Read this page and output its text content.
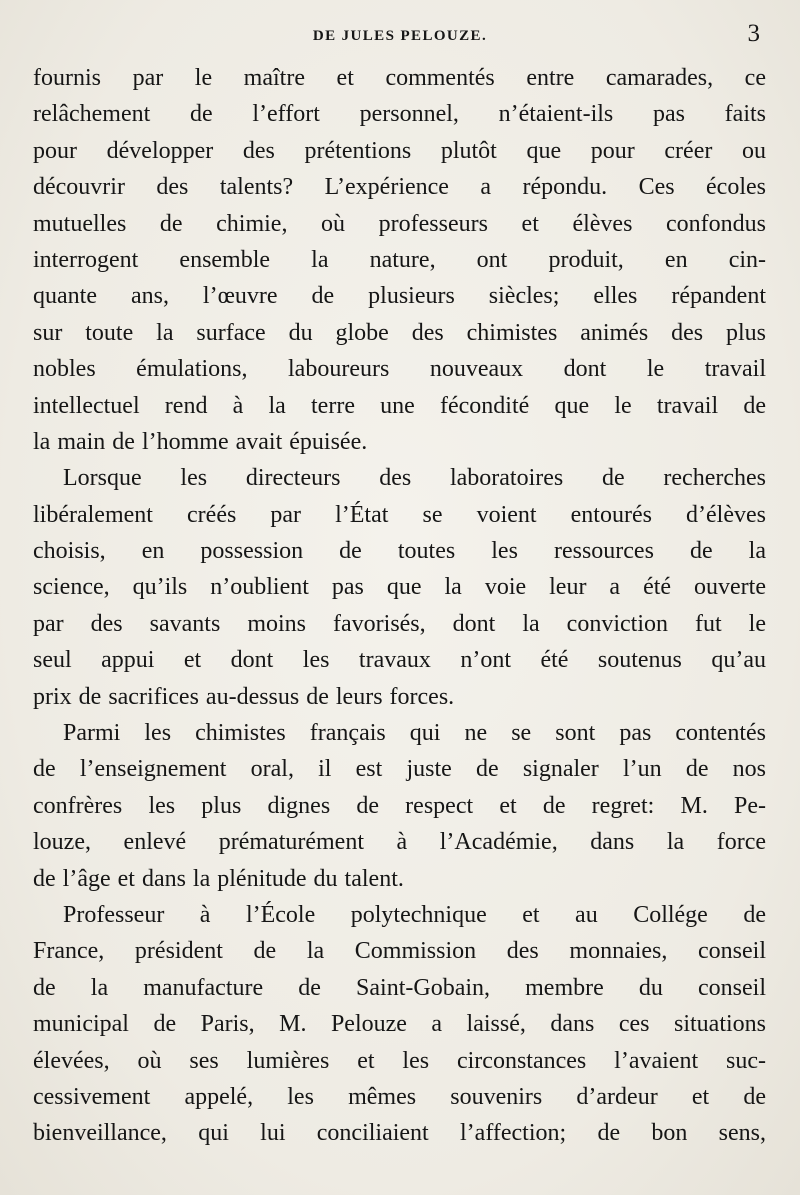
DE JULES PELOUZE.	3
fournis par le maître et commentés entre camarades, ce
relâchement de l’effort personnel, n’étaient-ils pas faits
pour développer des prétentions plutôt que pour créer ou
découvrir des talents? L’expérience a répondu. Ces écoles
mutuelles de chimie, où professeurs et élèves confondus
interrogent ensemble la nature, ont produit, en cin-
quante ans, l’œuvre de plusieurs siècles; elles répandent
sur toute la surface du globe des chimistes animés des plus
nobles émulations, laboureurs nouveaux dont le travail
intellectuel rend à la terre une fécondité que le travail de
la main de l’homme avait épuisée.
Lorsque les directeurs des laboratoires de recherches
libéralement créés par l’État se voient entourés d’élèves
choisis, en possession de toutes les ressources de la
science, qu’ils n’oublient pas que la voie leur a été ouverte
par des savants moins favorisés, dont la conviction fut le
seul appui et dont les travaux n’ont été soutenus qu’au
prix de sacrifices au-dessus de leurs forces.
Parmi les chimistes français qui ne se sont pas contentés
de l’enseignement oral, il est juste de signaler l’un de nos
confrères les plus dignes de respect et de regret: M. Pe-
louze, enlevé prématurément à l’Académie, dans la force
de l’âge et dans la plénitude du talent.
Professeur à l’École polytechnique et au Collége de
France, président de la Commission des monnaies, conseil
de la manufacture de Saint-Gobain, membre du conseil
municipal de Paris, M. Pelouze a laissé, dans ces situations
élevées, où ses lumières et les circonstances l’avaient suc-
cessivement appelé, les mêmes souvenirs d’ardeur et de
bienveillance, qui lui conciliaient l’affection; de bon sens,
